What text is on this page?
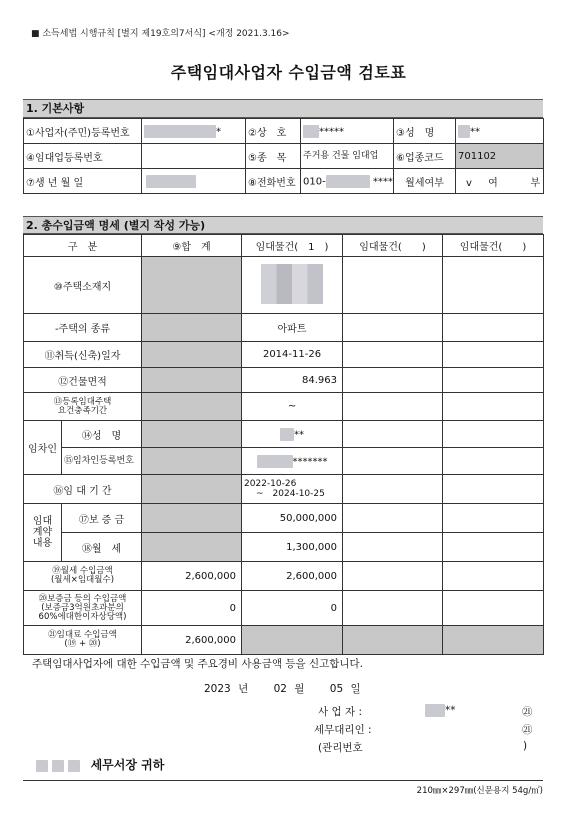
■ 소득세법 시행규칙 [별지 제19호의7서식] <개정 2021.3.16>
주택임대사업자 수입금액 검토표
1. 기본사항
①사업자(주민)등록번호	*	②상　호	*****	③성　명	**
④임대업등록번호		⑤종　목	주거용 건물 임대업	⑥업종코드	701102
⑦생 년 월 일		⑧전화번호	010- ****	월세여부	v 여 부
2. 총수입금액 명세 (별지 작성 가능)
구　분		⑨합　계	임대물건(　1　)	임대물건(　　)	임대물건(　　)
⑩주택소재지					
-주택의 종류			아파트		
⑪취득(신축)일자			2014-11-26		
⑫건물면적			84.963		

⑬등록임대주택
요건충족기간			~		
임차인	⑭성　명		**		
	⑮임차인등록번호		*******		
⑯임 대 기 간			2022-10-26
~　2024-10-25		

임대
계약
내용	⑰보 증 금		50,000,000		
	⑱월　세		1,300,000		

⑲월세 수입금액
(월세×임대월수)		2,600,000	2,600,000		

⑳보증금 등의 수입금액
(보증금3억원초과분의
60%에대한이자상당액)		0	0		

㉑임대료 수입금액
(⑲ + ⑳)		2,600,000			
주택임대사업자에 대한 수입금액 및 주요경비 사용금액 등을 신고합니다.
2023 년 02 월 05 일
사 업 자 :	**	㉑
세무대리인 :	㉑
(관리번호	)
세무서장 귀하
210㎜×297㎜(신문용지 54g/㎡)
